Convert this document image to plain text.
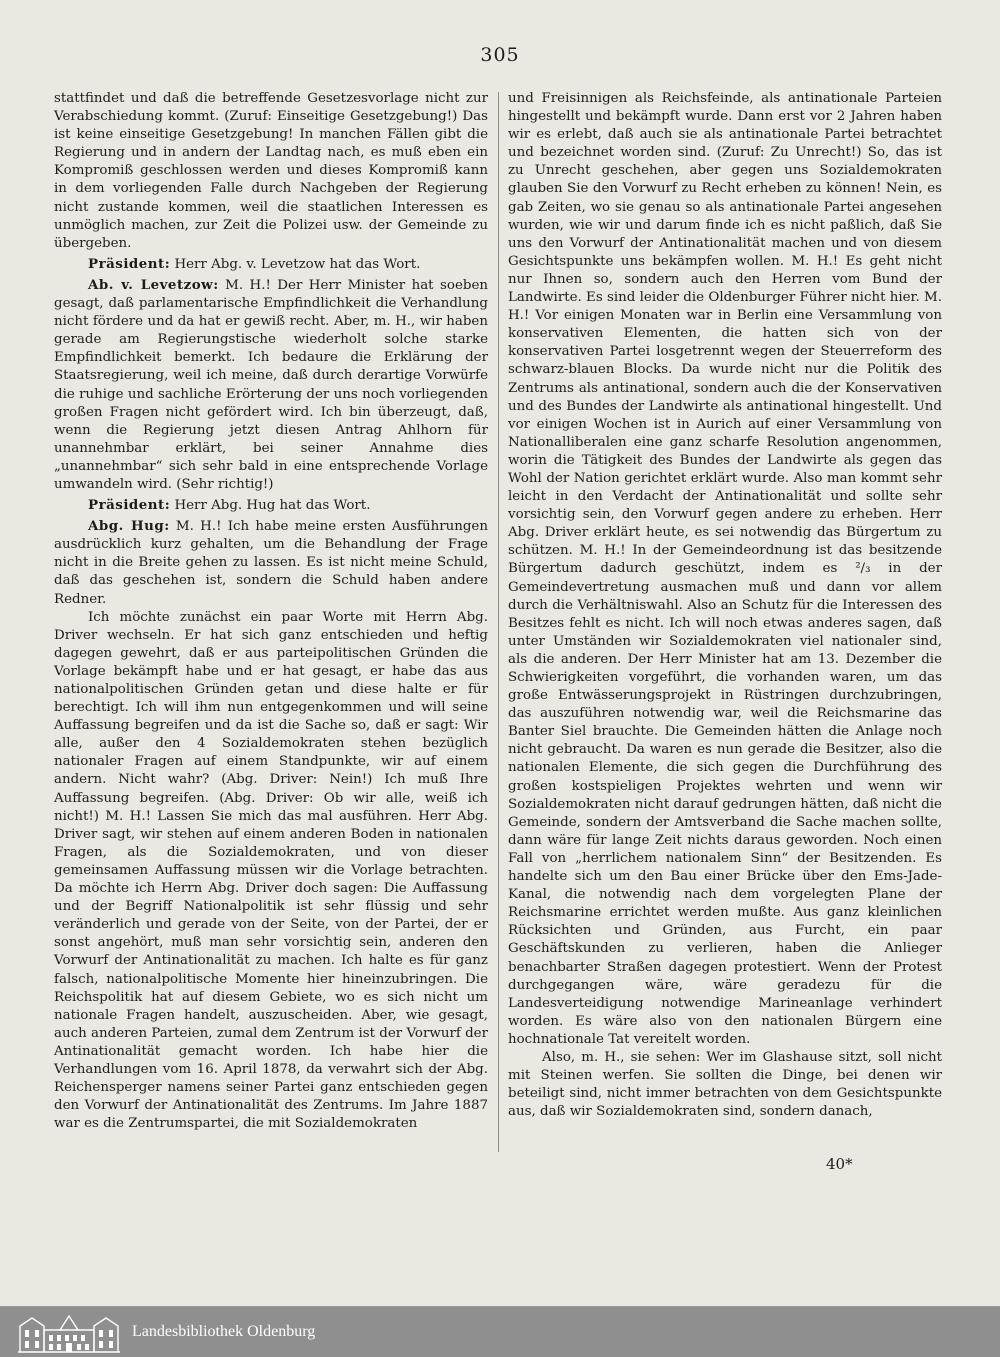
305

stattfindet und daß die betreffende Gesetzesvorlage nicht zur Verabschiedung kommt. (Zuruf: Einseitige Gesetzgebung!) Das ist keine einseitige Gesetzgebung! In manchen Fällen gibt die Regierung und in andern der Landtag nach, es muß eben ein Kompromiß geschlossen werden und dieses Kompromiß kann in dem vorliegenden Falle durch Nachgeben der Regierung nicht zustande kommen, weil die staatlichen Interessen es unmöglich machen, zur Zeit die Polizei usw. der Gemeinde zu übergeben.

Präsident: Herr Abg. v. Levetzow hat das Wort.

Ab. v. Levetzow: M. H.! Der Herr Minister hat soeben gesagt, daß parlamentarische Empfindlichkeit die Verhandlung nicht fördere und da hat er gewiß recht. Aber, m. H., wir haben gerade am Regierungstische wiederholt solche starke Empfindlichkeit bemerkt. Ich bedaure die Erklärung der Staatsregierung, weil ich meine, daß durch derartige Vorwürfe die ruhige und sachliche Erörterung der uns noch vorliegenden großen Fragen nicht gefördert wird. Ich bin überzeugt, daß, wenn die Regierung jetzt diesen Antrag Ahlhorn für unannehmbar erklärt, bei seiner Annahme dies „unannehmbar“ sich sehr bald in eine entsprechende Vorlage umwandeln wird. (Sehr richtig!)

Präsident: Herr Abg. Hug hat das Wort.

Abg. Hug: M. H.! Ich habe meine ersten Ausführungen ausdrücklich kurz gehalten, um die Behandlung der Frage nicht in die Breite gehen zu lassen. Es ist nicht meine Schuld, daß das geschehen ist, sondern die Schuld haben andere Redner.

Ich möchte zunächst ein paar Worte mit Herrn Abg. Driver wechseln. Er hat sich ganz entschieden und heftig dagegen gewehrt, daß er aus parteipolitischen Gründen die Vorlage bekämpft habe und er hat gesagt, er habe das aus nationalpolitischen Gründen getan und diese halte er für berechtigt. Ich will ihm nun entgegenkommen und will seine Auffassung begreifen und da ist die Sache so, daß er sagt: Wir alle, außer den 4 Sozialdemokraten stehen bezüglich nationaler Fragen auf einem Standpunkte, wir auf einem andern. Nicht wahr? (Abg. Driver: Nein!) Ich muß Ihre Auffassung begreifen. (Abg. Driver: Ob wir alle, weiß ich nicht!) M. H.! Lassen Sie mich das mal ausführen. Herr Abg. Driver sagt, wir stehen auf einem anderen Boden in nationalen Fragen, als die Sozialdemokraten, und von dieser gemeinsamen Auffassung müssen wir die Vorlage betrachten. Da möchte ich Herrn Abg. Driver doch sagen: Die Auffassung und der Begriff Nationalpolitik ist sehr flüssig und sehr veränderlich und gerade von der Seite, von der Partei, der er sonst angehört, muß man sehr vorsichtig sein, anderen den Vorwurf der Antinationalität zu machen. Ich halte es für ganz falsch, nationalpolitische Momente hier hineinzubringen. Die Reichspolitik hat auf diesem Gebiete, wo es sich nicht um nationale Fragen handelt, auszuscheiden. Aber, wie gesagt, auch anderen Parteien, zumal dem Zentrum ist der Vorwurf der Antinationalität gemacht worden. Ich habe hier die Verhandlungen vom 16. April 1878, da verwahrt sich der Abg. Reichensperger namens seiner Partei ganz entschieden gegen den Vorwurf der Antinationalität des Zentrums. Im Jahre 1887 war es die Zentrumspartei, die mit Sozialdemokraten

und Freisinnigen als Reichsfeinde, als antinationale Parteien hingestellt und bekämpft wurde. Dann erst vor 2 Jahren haben wir es erlebt, daß auch sie als antinationale Partei betrachtet und bezeichnet worden sind. (Zuruf: Zu Unrecht!) So, das ist zu Unrecht geschehen, aber gegen uns Sozialdemokraten glauben Sie den Vorwurf zu Recht erheben zu können! Nein, es gab Zeiten, wo sie genau so als antinationale Partei angesehen wurden, wie wir und darum finde ich es nicht paßlich, daß Sie uns den Vorwurf der Antinationalität machen und von diesem Gesichtspunkte uns bekämpfen wollen. M. H.! Es geht nicht nur Ihnen so, sondern auch den Herren vom Bund der Landwirte. Es sind leider die Oldenburger Führer nicht hier. M. H.! Vor einigen Monaten war in Berlin eine Versammlung von konservativen Elementen, die hatten sich von der konservativen Partei losgetrennt wegen der Steuerreform des schwarz-blauen Blocks. Da wurde nicht nur die Politik des Zentrums als antinational, sondern auch die der Konservativen und des Bundes der Landwirte als antinational hingestellt. Und vor einigen Wochen ist in Aurich auf einer Versammlung von Nationalliberalen eine ganz scharfe Resolution angenommen, worin die Tätigkeit des Bundes der Landwirte als gegen das Wohl der Nation gerichtet erklärt wurde. Also man kommt sehr leicht in den Verdacht der Antinationalität und sollte sehr vorsichtig sein, den Vorwurf gegen andere zu erheben. Herr Abg. Driver erklärt heute, es sei notwendig das Bürgertum zu schützen. M. H.! In der Gemeindeordnung ist das besitzende Bürgertum dadurch geschützt, indem es ²/₃ in der Gemeindevertretung ausmachen muß und dann vor allem durch die Verhältniswahl. Also an Schutz für die Interessen des Besitzes fehlt es nicht. Ich will noch etwas anderes sagen, daß unter Umständen wir Sozialdemokraten viel nationaler sind, als die anderen. Der Herr Minister hat am 13. Dezember die Schwierigkeiten vorgeführt, die vorhanden waren, um das große Entwässerungsprojekt in Rüstringen durchzubringen, das auszuführen notwendig war, weil die Reichsmarine das Banter Siel brauchte. Die Gemeinden hätten die Anlage noch nicht gebraucht. Da waren es nun gerade die Besitzer, also die nationalen Elemente, die sich gegen die Durchführung des großen kostspieligen Projektes wehrten und wenn wir Sozialdemokraten nicht darauf gedrungen hätten, daß nicht die Gemeinde, sondern der Amtsverband die Sache machen sollte, dann wäre für lange Zeit nichts daraus geworden. Noch einen Fall von „herrlichem nationalem Sinn“ der Besitzenden. Es handelte sich um den Bau einer Brücke über den Ems-Jade-Kanal, die notwendig nach dem vorgelegten Plane der Reichsmarine errichtet werden mußte. Aus ganz kleinlichen Rücksichten und Gründen, aus Furcht, ein paar Geschäftskunden zu verlieren, haben die Anlieger benachbarter Straßen dagegen protestiert. Wenn der Protest durchgegangen wäre, wäre geradezu für die Landesverteidigung notwendige Marineanlage verhindert worden. Es wäre also von den nationalen Bürgern eine hochnationale Tat vereitelt worden.

Also, m. H., sie sehen: Wer im Glashause sitzt, soll nicht mit Steinen werfen. Sie sollten die Dinge, bei denen wir beteiligt sind, nicht immer betrachten von dem Gesichtspunkte aus, daß wir Sozialdemokraten sind, sondern danach,

40*
Landesbibliothek Oldenburg
